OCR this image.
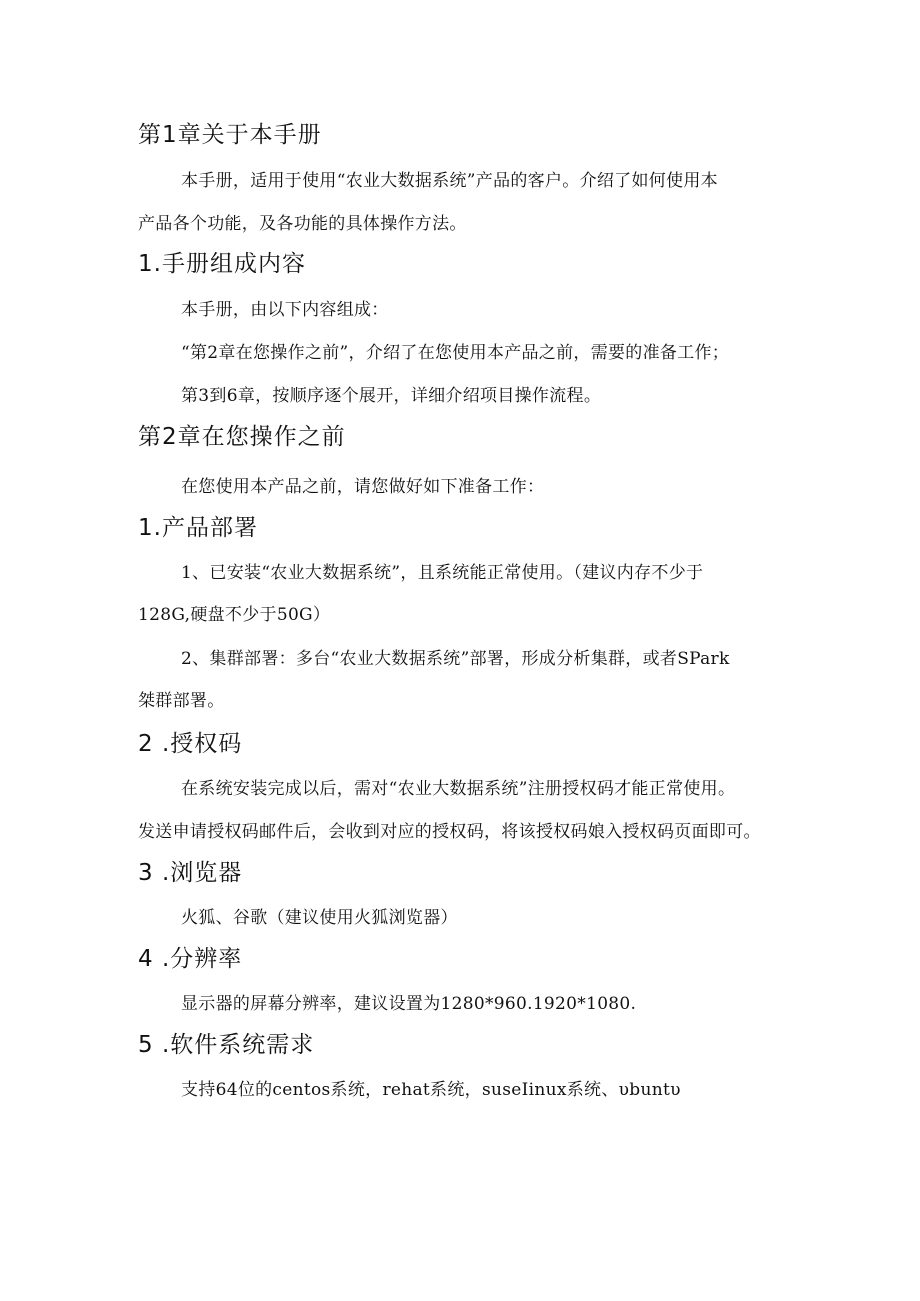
第1章关于本手册
本手册，适用于使用“农业大数据系统”产品的客户。介绍了如何使用本
产品各个功能，及各功能的具体操作方法。
1.手册组成内容
本手册，由以下内容组成：
“第2章在您操作之前”，介绍了在您使用本产品之前，需要的准备工作；
第3到6章，按顺序逐个展开，详细介绍项目操作流程。
第2章在您操作之前
在您使用本产品之前，请您做好如下准备工作：
1.产品部署
1、已安装“农业大数据系统”，且系统能正常使用。（建议内存不少于
128G,硬盘不少于50G）
2、集群部署：多台“农业大数据系统”部署，形成分析集群，或者SPark
桀群部署。
2 .授权码
在系统安装完成以后，需对“农业大数据系统”注册授权码才能正常使用。
发送申请授权码邮件后，会收到对应的授权码，将该授权码娘入授权码页面即可。
3 .浏览器
火狐、谷歌（建议使用火狐浏览器）
4 .分辨率
显示器的屏幕分辨率，建议设置为1280*960.1920*1080.
5 .软件系统需求
支持64位的centos系统，rehat系统，suseIinux系统、υbuntυ
